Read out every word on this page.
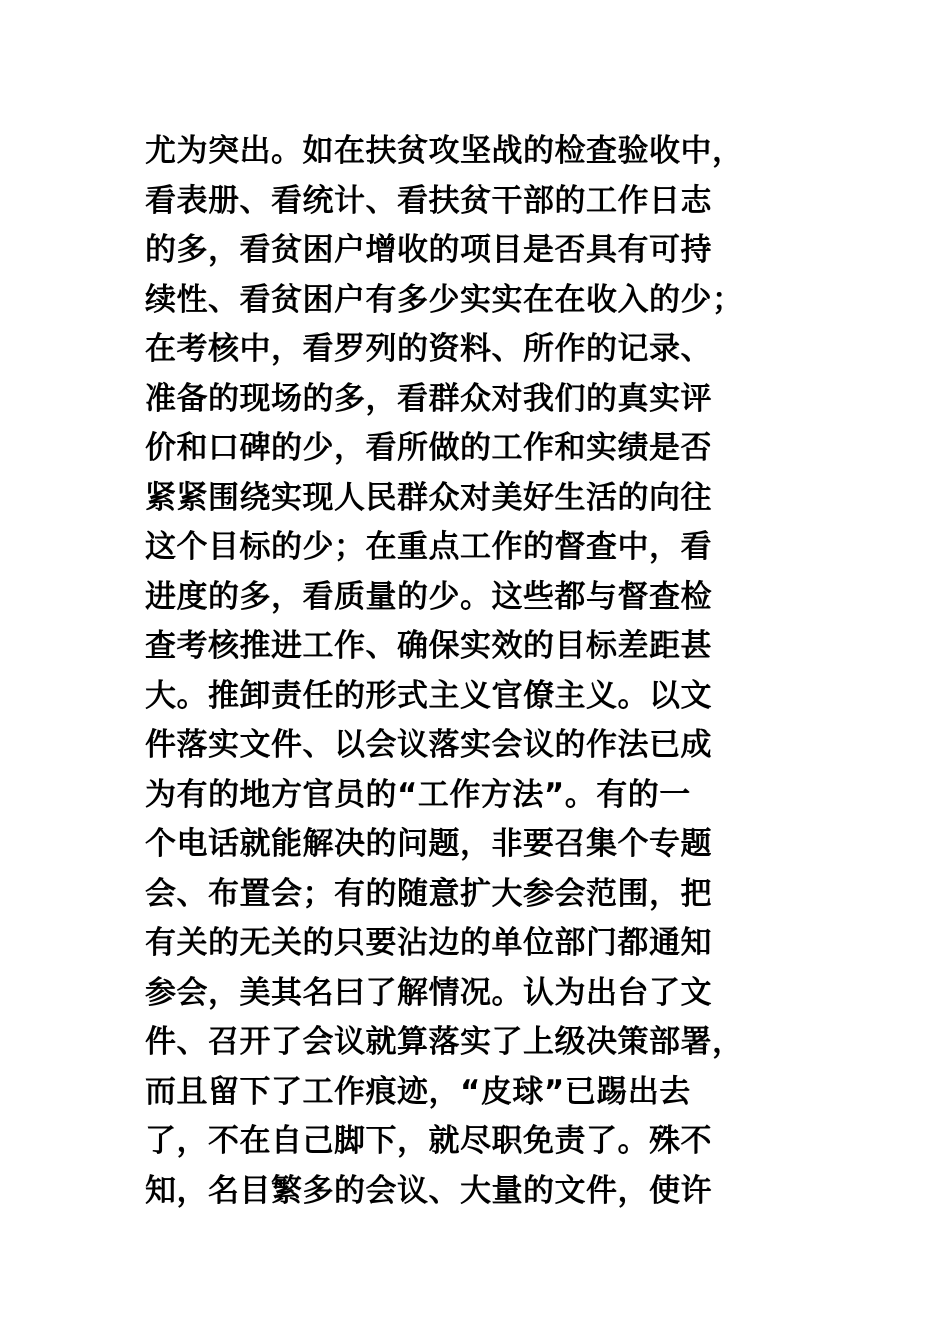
尤为突出。如在扶贫攻坚战的检查验收中，
看表册、看统计、看扶贫干部的工作日志
的多，看贫困户增收的项目是否具有可持
续性、看贫困户有多少实实在在收入的少；
在考核中，看罗列的资料、所作的记录、
准备的现场的多，看群众对我们的真实评
价和口碑的少，看所做的工作和实绩是否
紧紧围绕实现人民群众对美好生活的向往
这个目标的少；在重点工作的督查中，看
进度的多，看质量的少。这些都与督查检
查考核推进工作、确保实效的目标差距甚
大。推卸责任的形式主义官僚主义。以文
件落实文件、以会议落实会议的作法已成
为有的地方官员的“工作方法”。有的一
个电话就能解决的问题，非要召集个专题
会、布置会；有的随意扩大参会范围，把
有关的无关的只要沾边的单位部门都通知
参会，美其名曰了解情况。认为出台了文
件、召开了会议就算落实了上级决策部署，
而且留下了工作痕迹，“皮球”已踢出去
了，不在自己脚下，就尽职免责了。殊不
知，名目繁多的会议、大量的文件，使许
